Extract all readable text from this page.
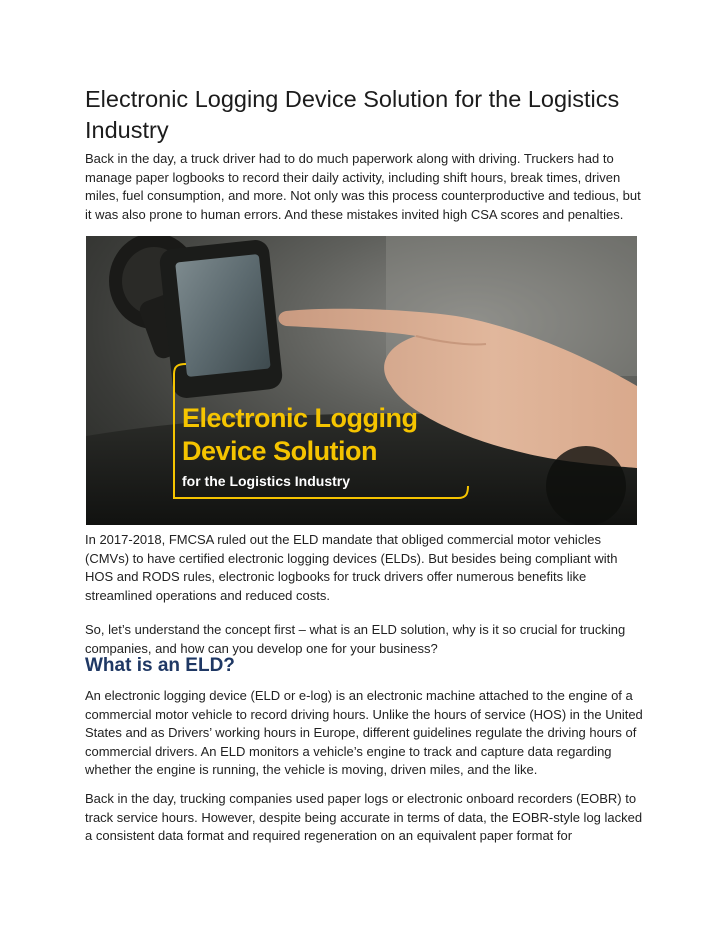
Electronic Logging Device Solution for the Logistics Industry

Back in the day, a truck driver had to do much paperwork along with driving. Truckers had to manage paper logbooks to record their daily activity, including shift hours, break times, driven miles, fuel consumption, and more. Not only was this process counterproductive and tedious, but it was also prone to human errors. And these mistakes invited high CSA scores and penalties.

Electronic Logging
Device Solution
for the Logistics Industry

In 2017-2018, FMCSA ruled out the ELD mandate that obliged commercial motor vehicles (CMVs) to have certified electronic logging devices (ELDs). But besides being compliant with HOS and RODS rules, electronic logbooks for truck drivers offer numerous benefits like streamlined operations and reduced costs.

So, let’s understand the concept first – what is an ELD solution, why is it so crucial for trucking companies, and how can you develop one for your business?

What is an ELD?

An electronic logging device (ELD or e-log) is an electronic machine attached to the engine of a commercial motor vehicle to record driving hours. Unlike the hours of service (HOS) in the United States and as Drivers’ working hours in Europe, different guidelines regulate the driving hours of commercial drivers. An ELD monitors a vehicle’s engine to track and capture data regarding whether the engine is running, the vehicle is moving, driven miles, and the like.

Back in the day, trucking companies used paper logs or electronic onboard recorders (EOBR) to track service hours. However, despite being accurate in terms of data, the EOBR-style log lacked a consistent data format and required regeneration on an equivalent paper format for
